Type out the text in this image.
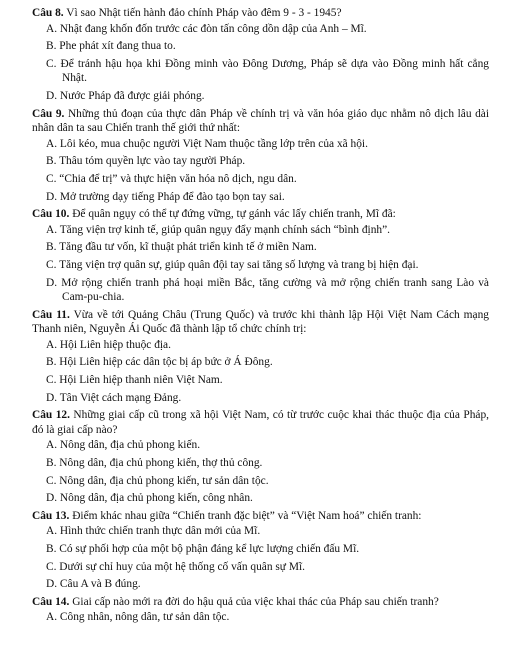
Câu 8. Vì sao Nhật tiến hành đảo chính Pháp vào đêm 9 - 3 - 1945?

A. Nhật đang khốn đốn trước các đòn tấn công dồn dập của Anh – Mĩ.

B. Phe phát xít đang thua to.

C. Để tránh hậu họa khi Đồng minh vào Đông Dương, Pháp sẽ dựa vào Đồng minh hất cẳng Nhật.

D. Nước Pháp đã được giải phóng.

Câu 9. Những thủ đoạn của thực dân Pháp về chính trị và văn hóa giáo dục nhằm nô dịch lâu dài nhân dân ta sau Chiến tranh thế giới thứ nhất:

A. Lôi kéo, mua chuộc người Việt Nam thuộc tầng lớp trên của xã hội.

B. Thâu tóm quyền lực vào tay người Pháp.

C. “Chia để trị” và thực hiện văn hóa nô dịch, ngu dân.

D. Mở trường dạy tiếng Pháp để đào tạo bọn tay sai.

Câu 10. Để quân ngụy có thể tự đứng vững, tự gánh vác lấy chiến tranh, Mĩ đã:

A. Tăng viện trợ kinh tế, giúp quân ngụy đẩy mạnh chính sách “bình định”.

B. Tăng đầu tư vốn, kĩ thuật phát triển kinh tế ở miền Nam.

C. Tăng viện trợ quân sự, giúp quân đội tay sai tăng số lượng và trang bị hiện đại.

D. Mở rộng chiến tranh phá hoại miền Bắc, tăng cường và mở rộng chiến tranh sang Lào và Cam-pu-chia.

Câu 11. Vừa về tới Quảng Châu (Trung Quốc) và trước khi thành lập Hội Việt Nam Cách mạng Thanh niên, Nguyễn Ái Quốc đã thành lập tổ chức chính trị:

A. Hội Liên hiệp thuộc địa.

B. Hội Liên hiệp các dân tộc bị áp bức ở Á Đông.

C. Hội Liên hiệp thanh niên Việt Nam.

D. Tân Việt cách mạng Đảng.

Câu 12. Những giai cấp cũ trong xã hội Việt Nam, có từ trước cuộc khai thác thuộc địa của Pháp, đó là giai cấp nào?

A. Nông dân, địa chủ phong kiến.

B. Nông dân, địa chủ phong kiến, thợ thủ công.

C. Nông dân, địa chủ phong kiến, tư sản dân tộc.

D. Nông dân, địa chủ phong kiến, công nhân.

Câu 13. Điểm khác nhau giữa “Chiến tranh đặc biệt” và “Việt Nam hoá” chiến tranh:

A. Hình thức chiến tranh thực dân mới của Mĩ.

B. Có sự phối hợp của một bộ phận đáng kể lực lượng chiến đấu Mĩ.

C. Dưới sự chỉ huy của một hệ thống cố vấn quân sự Mĩ.

D. Câu A và B đúng.

Câu 14. Giai cấp nào mới ra đời do hậu quả của việc khai thác của Pháp sau chiến tranh?

A. Công nhân, nông dân, tư sản dân tộc.
